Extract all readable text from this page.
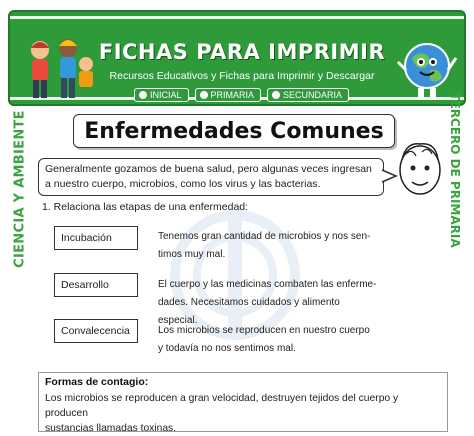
FICHAS PARA IMPRIMIR
Recursos Educativos y Fichas para Imprimir y Descargar
INICIAL	PRIMARIA	SECUNDARIA
CIENCIA Y AMBIENTE	TERCERO DE PRIMARIA
Enfermedades Comunes
Generalmente gozamos de buena salud, pero algunas veces ingresan a nuestro cuerpo, microbios, como los virus y las bacterias.
1. Relaciona las etapas de una enfermedad:
Incubación	Tenemos gran cantidad de microbios y nos sen-
timos muy mal.
Desarrollo	El cuerpo y las medicinas combaten las enferme-
dades. Necesitamos cuidados y alimento especial.
Convalecencia	Los microbios se reproducen en nuestro cuerpo
y todavía no nos sentimos mal.
Formas de contagio:
Los microbios se reproducen a gran velocidad, destruyen tejidos del cuerpo y producen
sustancias llamadas toxinas.
